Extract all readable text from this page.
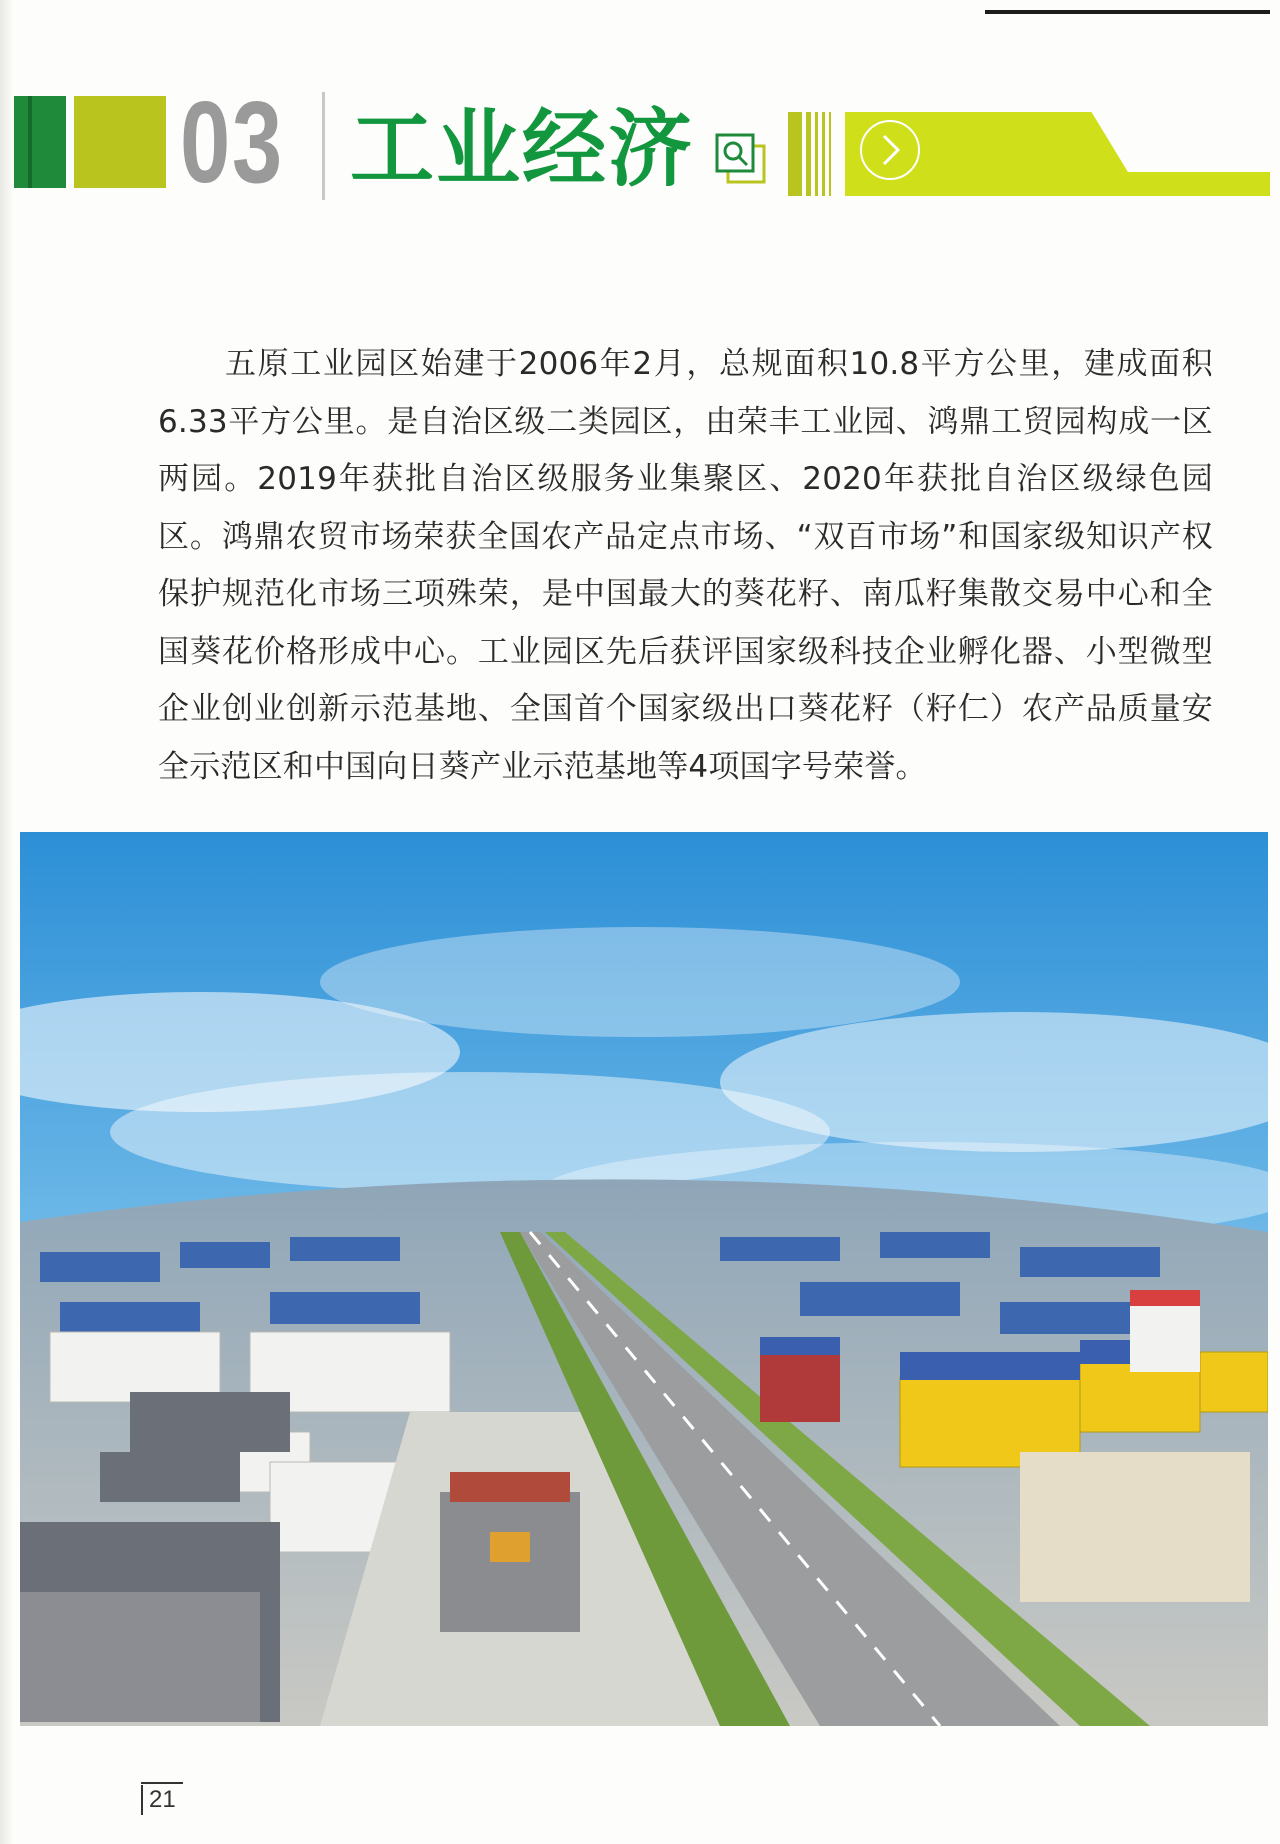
03 工业经济

五原工业园区始建于2006年2月，总规面积10.8平方公里，建成面积6.33平方公里。是自治区级二类园区，由荣丰工业园、鸿鼎工贸园构成一区两园。2019年获批自治区级服务业集聚区、2020年获批自治区级绿色园区。鸿鼎农贸市场荣获全国农产品定点市场、“双百市场”和国家级知识产权保护规范化市场三项殊荣，是中国最大的葵花籽、南瓜籽集散交易中心和全国葵花价格形成中心。工业园区先后获评国家级科技企业孵化器、小型微型企业创业创新示范基地、全国首个国家级出口葵花籽（籽仁）农产品质量安全示范区和中国向日葵产业示范基地等4项国字号荣誉。

21
